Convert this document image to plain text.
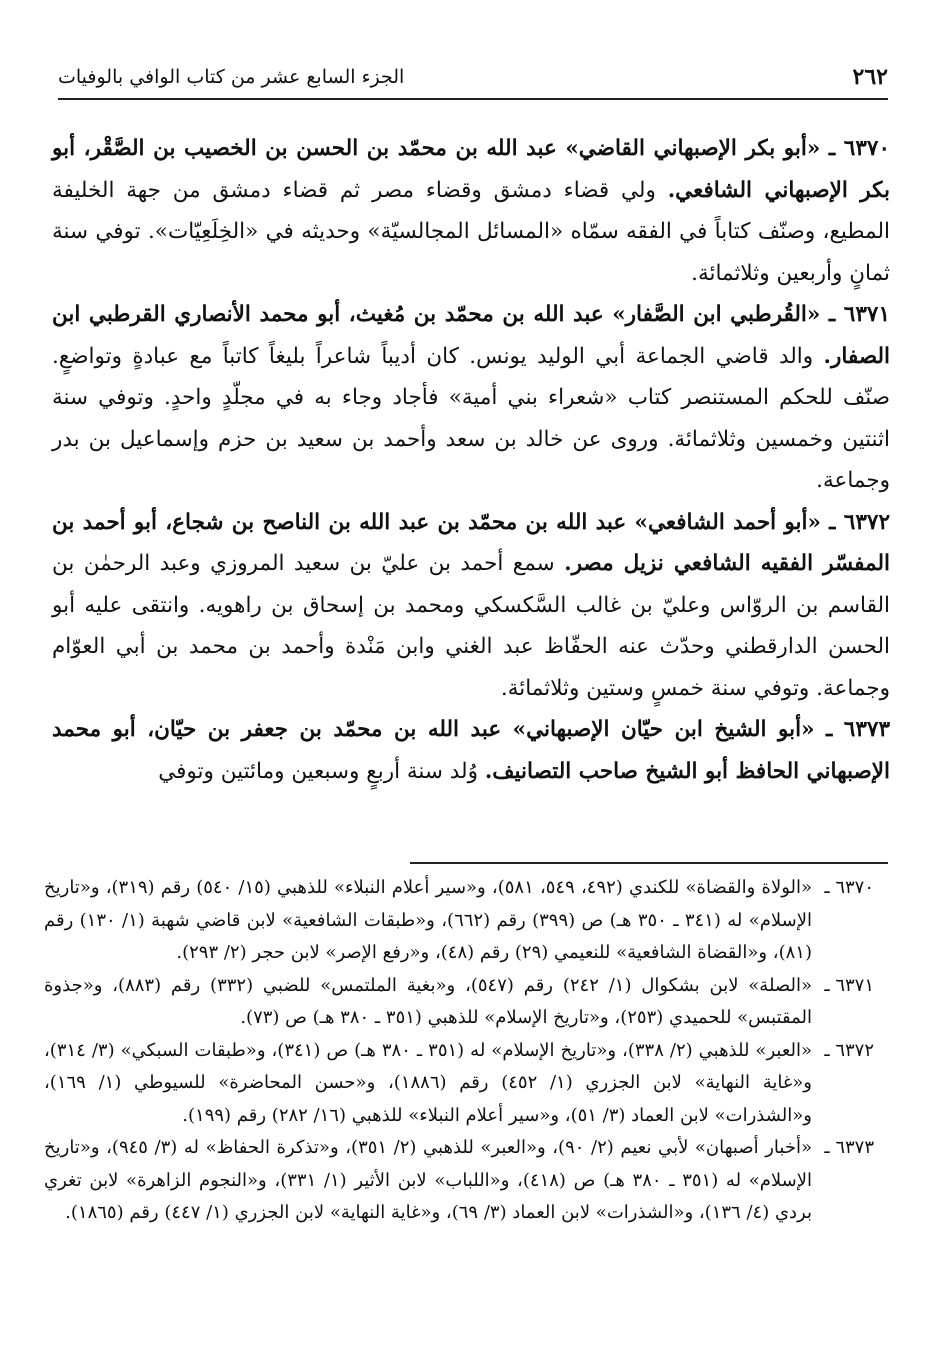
٢٦٢
الجزء السابع عشر من كتاب الوافي بالوفيات

٦٣٧٠ ـ «أبو بكر الإصبهاني القاضي» عبد الله بن محمّد بن الحسن بن الخصيب بن الصَّقْر، أبو بكر الإصبهاني الشافعي. ولي قضاء دمشق وقضاء مصر ثم قضاء دمشق من جهة الخليفة المطيع، وصنّف كتاباً في الفقه سمّاه «المسائل المجالسيّة» وحديثه في «الخِلَعِيّات». توفي سنة ثمانٍ وأربعين وثلاثمائة.

٦٣٧١ ـ «القُرطبي ابن الصَّفار» عبد الله بن محمّد بن مُغيث، أبو محمد الأنصاري القرطبي ابن الصفار. والد قاضي الجماعة أبي الوليد يونس. كان أديباً شاعراً بليغاً كاتباً مع عبادةٍ وتواضعٍ. صنّف للحكم المستنصر كتاب «شعراء بني أمية» فأجاد وجاء به في مجلّدٍ واحدٍ. وتوفي سنة اثنتين وخمسين وثلاثمائة. وروى عن خالد بن سعد وأحمد بن سعيد بن حزم وإسماعيل بن بدر وجماعة.

٦٣٧٢ ـ «أبو أحمد الشافعي» عبد الله بن محمّد بن عبد الله بن الناصح بن شجاع، أبو أحمد بن المفسّر الفقيه الشافعي نزيل مصر. سمع أحمد بن عليّ بن سعيد المروزي وعبد الرحمٰن بن القاسم بن الروّاس وعليّ بن غالب السَّكسكي ومحمد بن إسحاق بن راهويه. وانتقى عليه أبو الحسن الدارقطني وحدّث عنه الحفّاظ عبد الغني وابن مَنْدة وأحمد بن محمد بن أبي العوّام وجماعة. وتوفي سنة خمسٍ وستين وثلاثمائة.

٦٣٧٣ ـ «أبو الشيخ ابن حيّان الإصبهاني» عبد الله بن محمّد بن جعفر بن حيّان، أبو محمد الإصبهاني الحافظ أبو الشيخ صاحب التصانيف. وُلد سنة أربعٍ وسبعين ومائتين وتوفي

٦٣٧٠ ـ
«الولاة والقضاة» للكندي (٤٩٢، ٥٤٩، ٥٨١)، و«سير أعلام النبلاء» للذهبي (١٥/ ٥٤٠) رقم (٣١٩)، و«تاريخ الإسلام» له (٣٤١ ـ ٣٥٠ هـ) ص (٣٩٩) رقم (٦٦٢)، و«طبقات الشافعية» لابن قاضي شهبة (١/ ١٣٠) رقم (٨١)، و«القضاة الشافعية» للنعيمي (٢٩) رقم (٤٨)، و«رفع الإصر» لابن حجر (٢/ ٢٩٣).
٦٣٧١ ـ
«الصلة» لابن بشكوال (١/ ٢٤٢) رقم (٥٤٧)، و«بغية الملتمس» للضبي (٣٣٢) رقم (٨٨٣)، و«جذوة المقتبس» للحميدي (٢٥٣)، و«تاريخ الإسلام» للذهبي (٣٥١ ـ ٣٨٠ هـ) ص (٧٣).
٦٣٧٢ ـ
«العبر» للذهبي (٢/ ٣٣٨)، و«تاريخ الإسلام» له (٣٥١ ـ ٣٨٠ هـ) ص (٣٤١)، و«طبقات السبكي» (٣/ ٣١٤)، و«غاية النهاية» لابن الجزري (١/ ٤٥٢) رقم (١٨٨٦)، و«حسن المحاضرة» للسيوطي (١/ ١٦٩)، و«الشذرات» لابن العماد (٣/ ٥١)، و«سير أعلام النبلاء» للذهبي (١٦/ ٢٨٢) رقم (١٩٩).
٦٣٧٣ ـ
«أخبار أصبهان» لأبي نعيم (٢/ ٩٠)، و«العبر» للذهبي (٢/ ٣٥١)، و«تذكرة الحفاظ» له (٣/ ٩٤٥)، و«تاريخ الإسلام» له (٣٥١ ـ ٣٨٠ هـ) ص (٤١٨)، و«اللباب» لابن الأثير (١/ ٣٣١)، و«النجوم الزاهرة» لابن تغري بردي (٤/ ١٣٦)، و«الشذرات» لابن العماد (٣/ ٦٩)، و«غاية النهاية» لابن الجزري (١/ ٤٤٧) رقم (١٨٦٥).
